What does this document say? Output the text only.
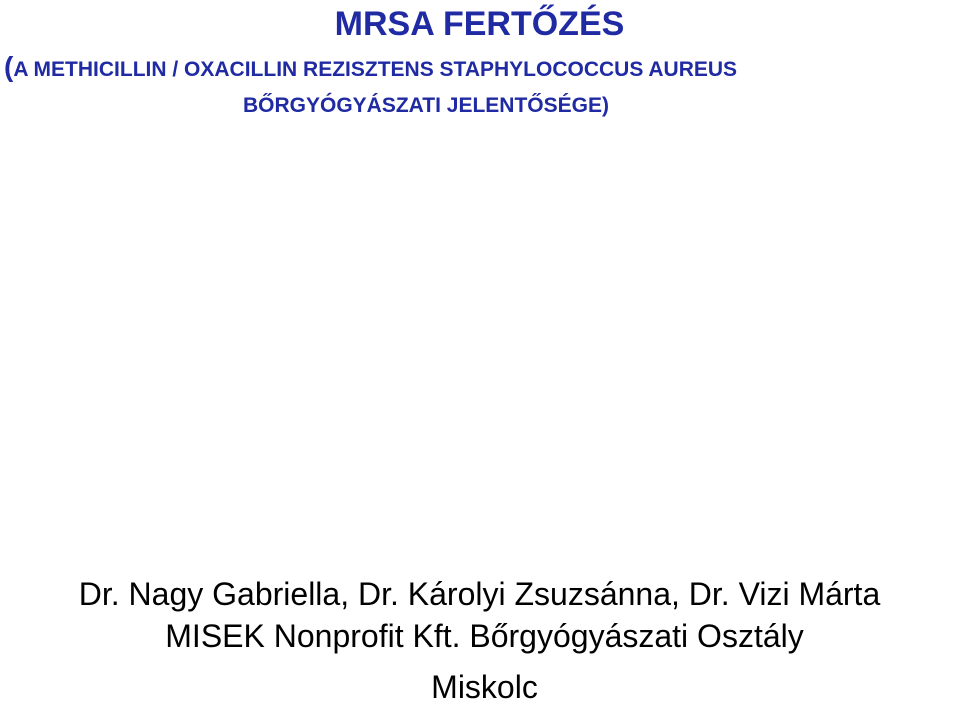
MRSA FERTŐZÉS

(A METHICILLIN / OXACILLIN REZISZTENS STAPHYLOCOCCUS AUREUS

BŐRGYÓGYÁSZATI JELENTŐSÉGE)

Dr. Nagy Gabriella, Dr. Károlyi Zsuzsánna, Dr. Vizi Márta

MISEK Nonprofit Kft. Bőrgyógyászati Osztály

Miskolc
